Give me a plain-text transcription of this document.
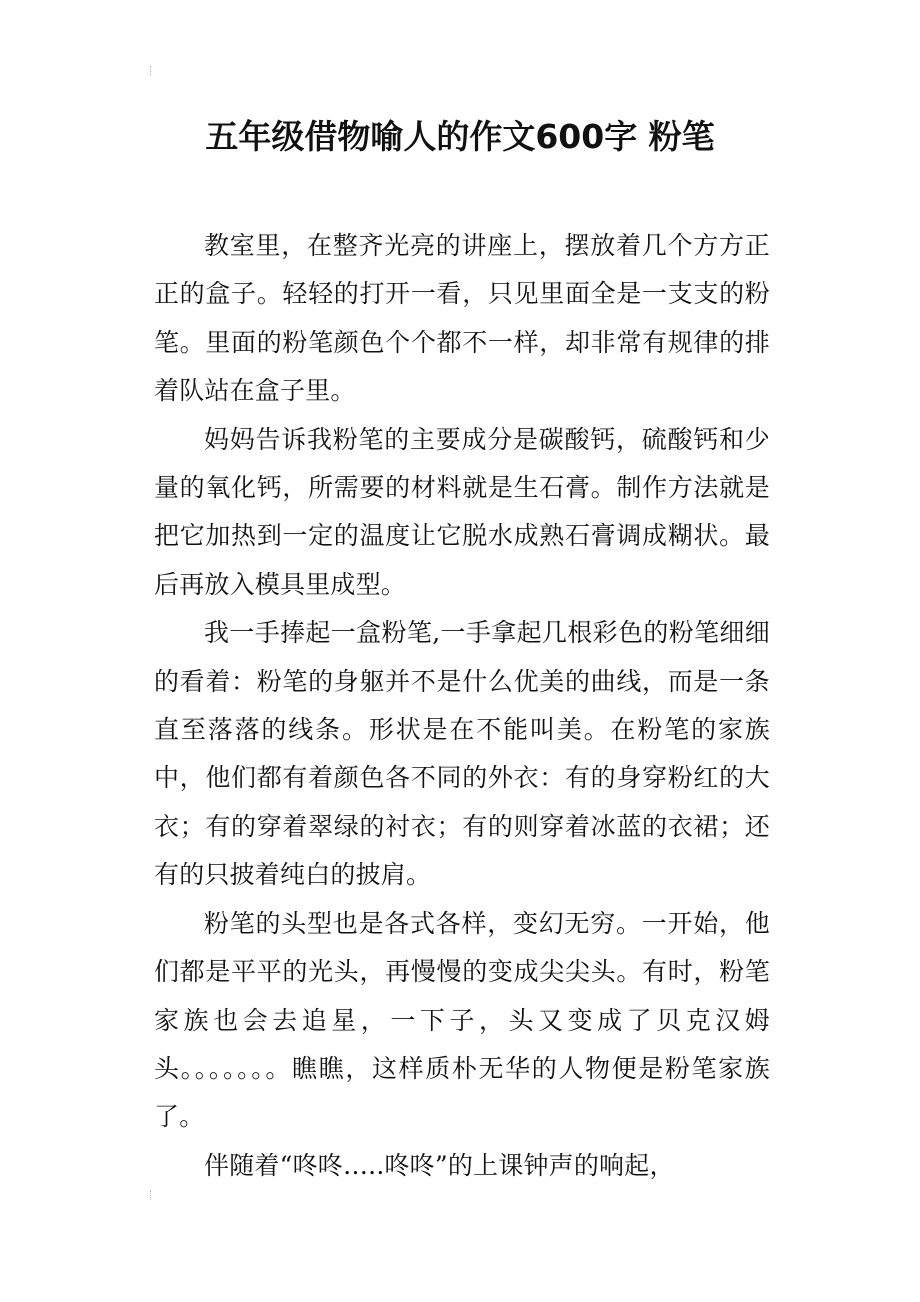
五年级借物喻人的作文600字 粉笔

教室里，在整齐光亮的讲座上，摆放着几个方方正正的盒子。轻轻的打开一看，只见里面全是一支支的粉笔。里面的粉笔颜色个个都不一样，却非常有规律的排着队站在盒子里。

妈妈告诉我粉笔的主要成分是碳酸钙，硫酸钙和少量的氧化钙，所需要的材料就是生石膏。制作方法就是把它加热到一定的温度让它脱水成熟石膏调成糊状。最后再放入模具里成型。

我一手捧起一盒粉笔,一手拿起几根彩色的粉笔细细的看着：粉笔的身躯并不是什么优美的曲线，而是一条直至落落的线条。形状是在不能叫美。在粉笔的家族中，他们都有着颜色各不同的外衣：有的身穿粉红的大衣；有的穿着翠绿的衬衣；有的则穿着冰蓝的衣裙；还有的只披着纯白的披肩。

粉笔的头型也是各式各样，变幻无穷。一开始，他们都是平平的光头，再慢慢的变成尖尖头。有时，粉笔家族也会去追星，一下子，头又变成了贝克汉姆头。。。。。。。瞧瞧，这样质朴无华的人物便是粉笔家族了。

伴随着“咚咚…..咚咚”的上课钟声的响起，
